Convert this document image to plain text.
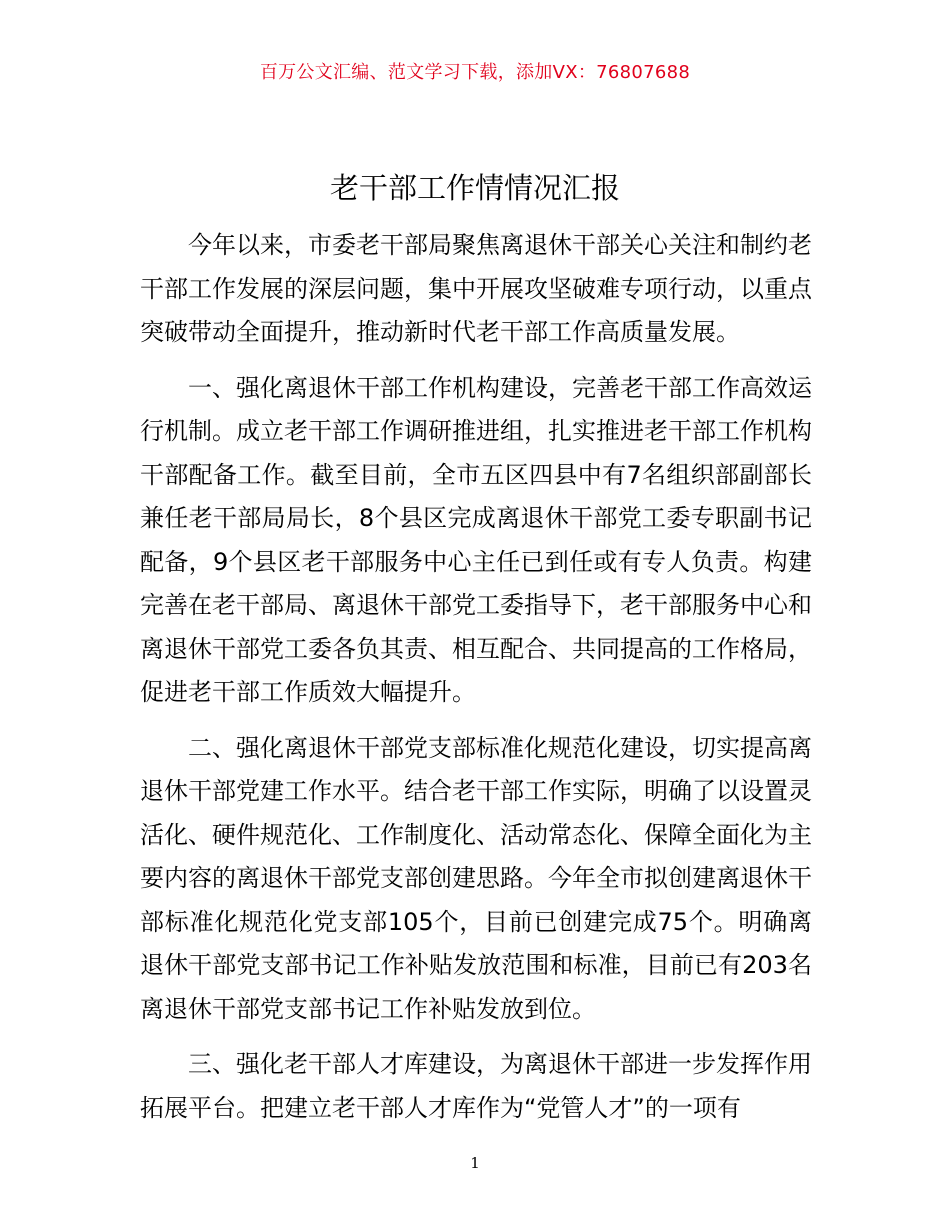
百万公文汇编、范文学习下载，添加VX：76807688
老干部工作情情况汇报

今年以来，市委老干部局聚焦离退休干部关心关注和制约老干部工作发展的深层问题，集中开展攻坚破难专项行动，以重点突破带动全面提升，推动新时代老干部工作高质量发展。

一、强化离退休干部工作机构建设，完善老干部工作高效运行机制。成立老干部工作调研推进组，扎实推进老干部工作机构干部配备工作。截至目前，全市五区四县中有7名组织部副部长兼任老干部局局长，8个县区完成离退休干部党工委专职副书记配备，9个县区老干部服务中心主任已到任或有专人负责。构建完善在老干部局、离退休干部党工委指导下，老干部服务中心和离退休干部党工委各负其责、相互配合、共同提高的工作格局，促进老干部工作质效大幅提升。

二、强化离退休干部党支部标准化规范化建设，切实提高离退休干部党建工作水平。结合老干部工作实际，明确了以设置灵活化、硬件规范化、工作制度化、活动常态化、保障全面化为主要内容的离退休干部党支部创建思路。今年全市拟创建离退休干部标准化规范化党支部105个，目前已创建完成75个。明确离退休干部党支部书记工作补贴发放范围和标准，目前已有203名离退休干部党支部书记工作补贴发放到位。

三、强化老干部人才库建设，为离退休干部进一步发挥作用拓展平台。把建立老干部人才库作为“党管人才”的一项有

1
